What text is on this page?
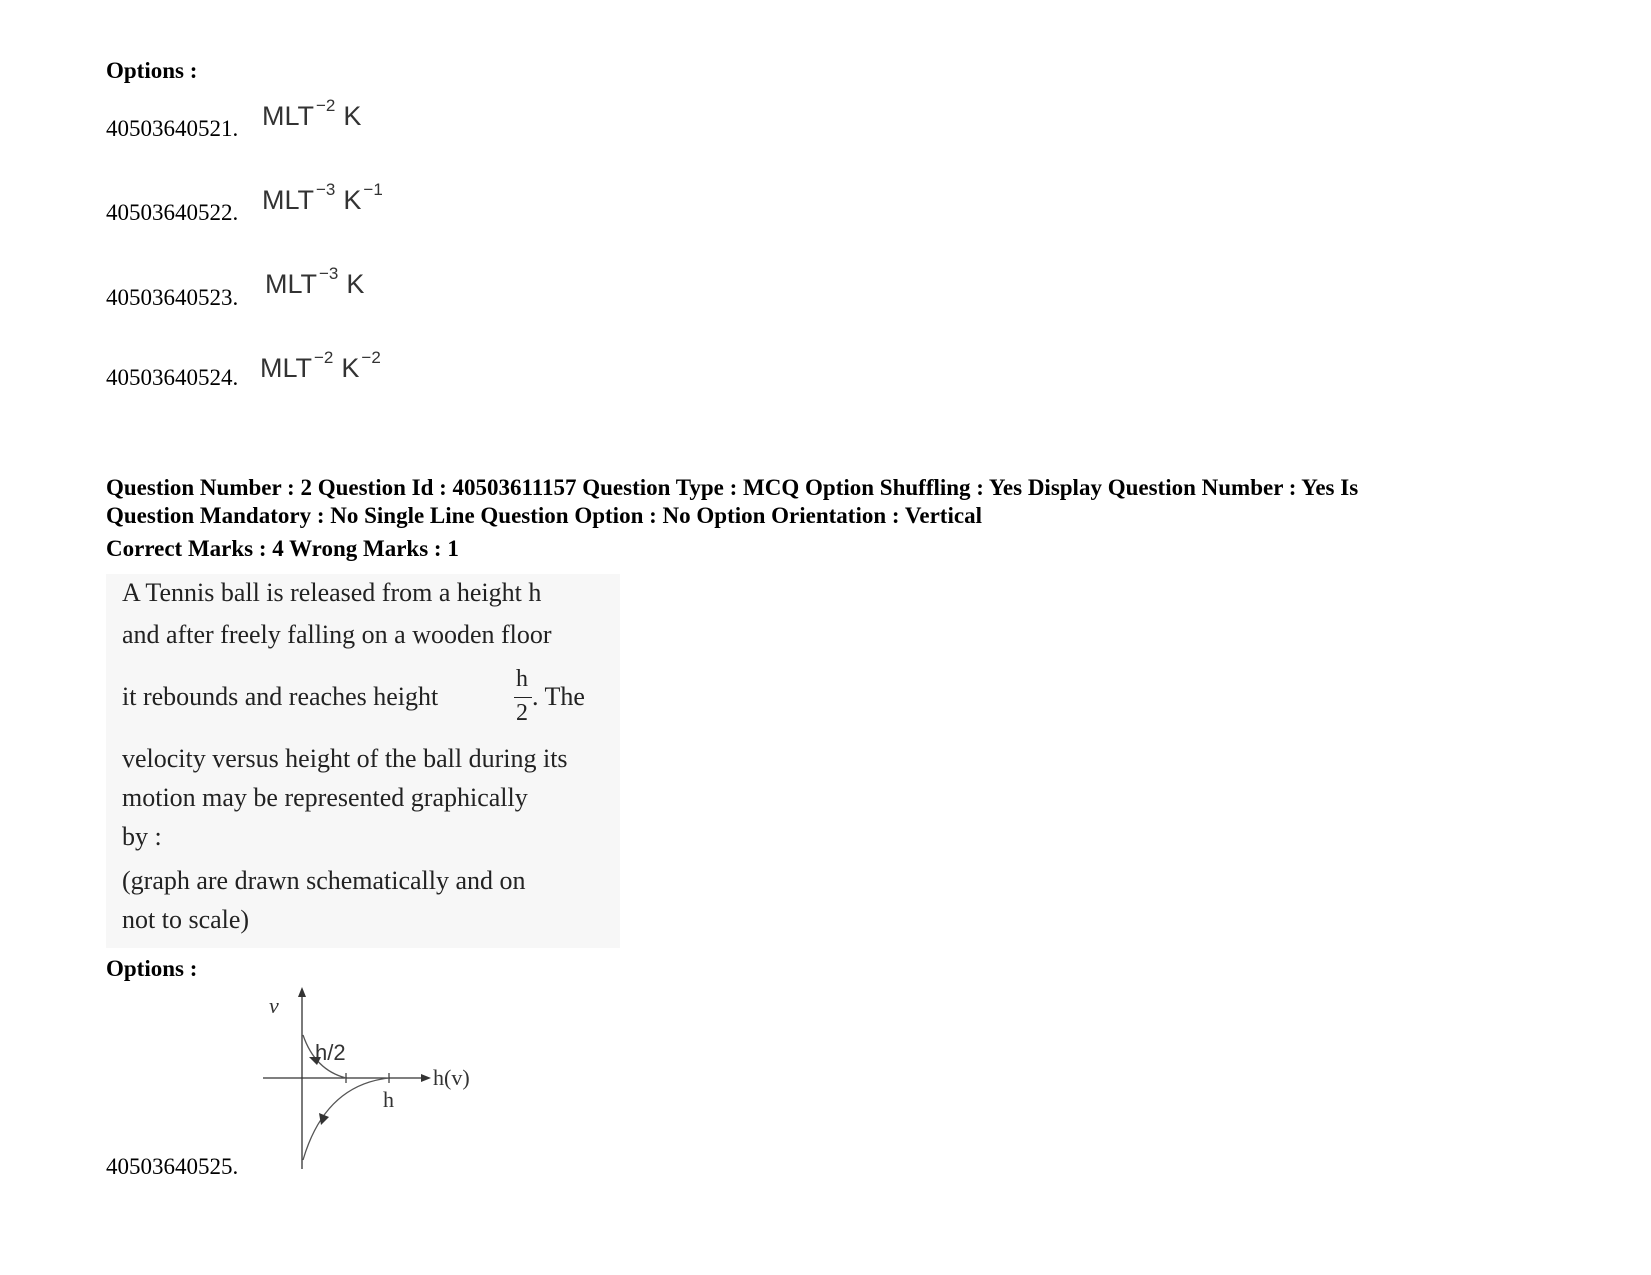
Options :
40503640521. MLT $^{-2}$ K
40503640522. MLT $^{-3}$ K $^{-1}$
40503640523. MLT $^{-3}$ K
40503640524. MLT $^{-2}$ K $^{-2}$
Question Number : 2 Question Id : 40503611157 Question Type : MCQ Option Shuffling : Yes Display Question Number : Yes Is
Question Mandatory : No Single Line Question Option : No Option Orientation : Vertical
Correct Marks : 4 Wrong Marks : 1
A Tennis ball is released from a height h
and after freely falling on a wooden floor
it rebounds and reaches height
h
2
. The
velocity versus height of the ball during its
motion may be represented graphically
by :
(graph are drawn schematically and on
not to scale)
Options :
v
h/2
h
h(v)
40503640525.
